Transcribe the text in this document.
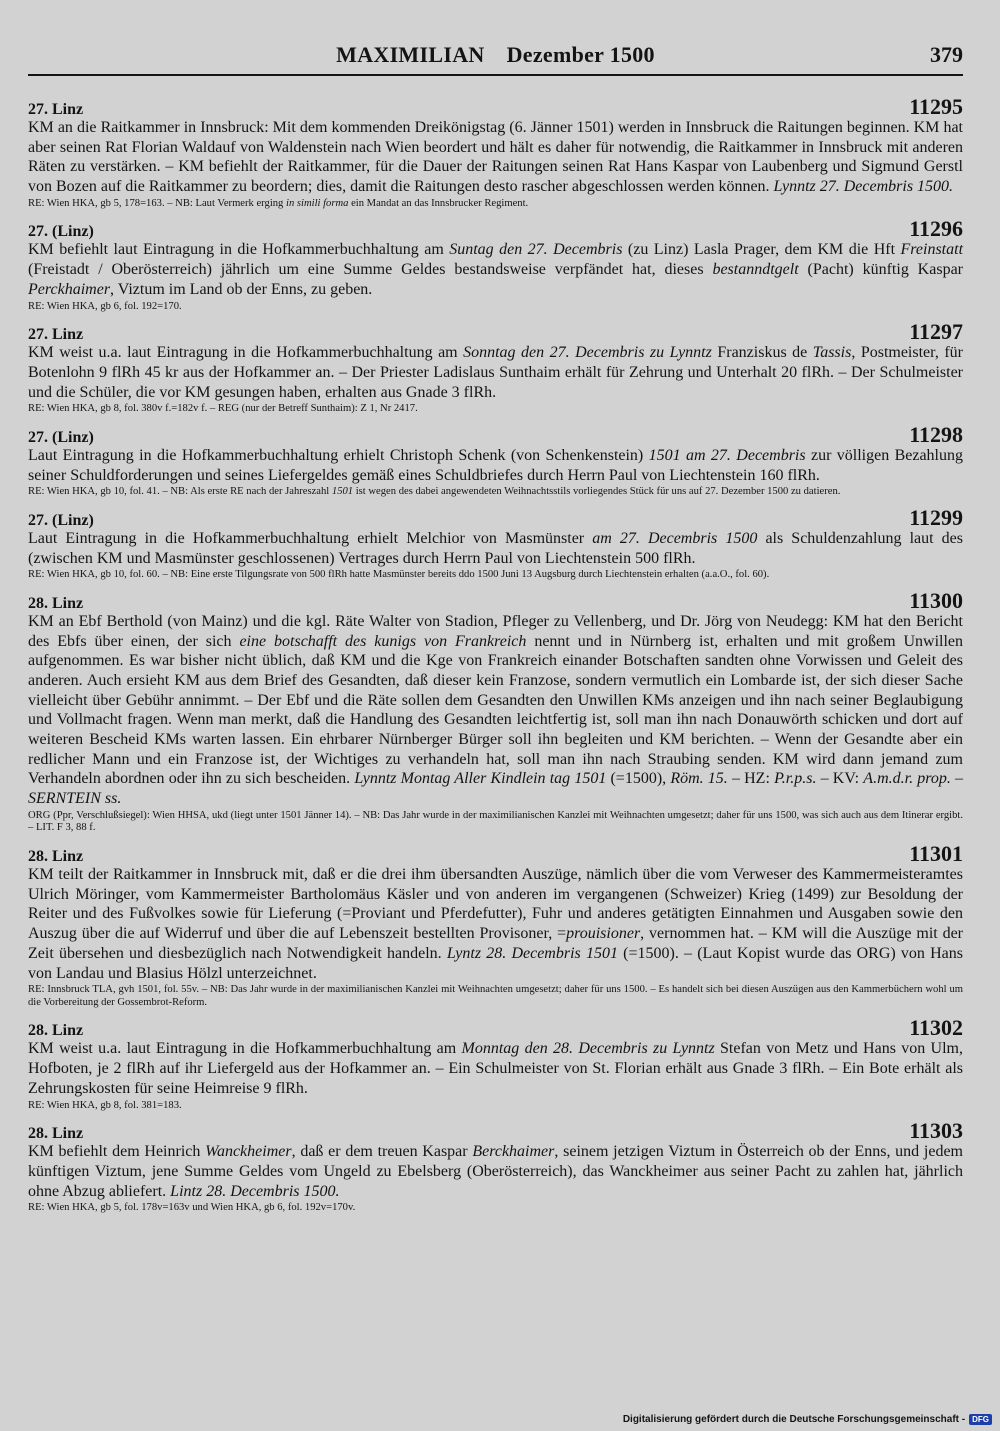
MAXIMILIAN Dezember 1500	379
27. Linz	11295
KM an die Raitkammer in Innsbruck: Mit dem kommenden Dreikönigstag (6. Jänner 1501) werden in Innsbruck die Raitungen beginnen. KM hat aber seinen Rat Florian Waldauf von Waldenstein nach Wien beordert und hält es daher für notwendig, die Raitkammer in Innsbruck mit anderen Räten zu verstärken. – KM befiehlt der Raitkammer, für die Dauer der Raitungen seinen Rat Hans Kaspar von Laubenberg und Sigmund Gerstl von Bozen auf die Raitkammer zu beordern; dies, damit die Raitungen desto rascher abgeschlossen werden können. Lynntz 27. Decembris 1500.
RE: Wien HKA, gb 5, 178=163. – NB: Laut Vermerk erging in simili forma ein Mandat an das Innsbrucker Regiment.
27. (Linz)	11296
KM befiehlt laut Eintragung in die Hofkammerbuchhaltung am Suntag den 27. Decembris (zu Linz) Lasla Prager, dem KM die Hft Freinstatt (Freistadt / Oberösterreich) jährlich um eine Summe Geldes bestandsweise verpfändet hat, dieses bestanndtgelt (Pacht) künftig Kaspar Perckhaimer, Viztum im Land ob der Enns, zu geben.
RE: Wien HKA, gb 6, fol. 192=170.
27. Linz	11297
KM weist u.a. laut Eintragung in die Hofkammerbuchhaltung am Sonntag den 27. Decembris zu Lynntz Franziskus de Tassis, Postmeister, für Botenlohn 9 flRh 45 kr aus der Hofkammer an. – Der Priester Ladislaus Sunthaim erhält für Zehrung und Unterhalt 20 flRh. – Der Schulmeister und die Schüler, die vor KM gesungen haben, erhalten aus Gnade 3 flRh.
RE: Wien HKA, gb 8, fol. 380v f.=182v f. – REG (nur der Betreff Sunthaim): Z 1, Nr 2417.
27. (Linz)	11298
Laut Eintragung in die Hofkammerbuchhaltung erhielt Christoph Schenk (von Schenkenstein) 1501 am 27. Decembris zur völligen Bezahlung seiner Schuldforderungen und seines Liefergeldes gemäß eines Schuldbriefes durch Herrn Paul von Liechtenstein 160 flRh.
RE: Wien HKA, gb 10, fol. 41. – NB: Als erste RE nach der Jahreszahl 1501 ist wegen des dabei angewendeten Weihnachtsstils vorliegendes Stück für uns auf 27. Dezember 1500 zu datieren.
27. (Linz)	11299
Laut Eintragung in die Hofkammerbuchhaltung erhielt Melchior von Masmünster am 27. Decembris 1500 als Schuldenzahlung laut des (zwischen KM und Masmünster geschlossenen) Vertrages durch Herrn Paul von Liechtenstein 500 flRh.
RE: Wien HKA, gb 10, fol. 60. – NB: Eine erste Tilgungsrate von 500 flRh hatte Masmünster bereits ddo 1500 Juni 13 Augsburg durch Liechtenstein erhalten (a.a.O., fol. 60).
28. Linz	11300
KM an Ebf Berthold (von Mainz) und die kgl. Räte Walter von Stadion, Pfleger zu Vellenberg, und Dr. Jörg von Neudegg: KM hat den Bericht des Ebfs über einen, der sich eine botschafft des kunigs von Frankreich nennt und in Nürnberg ist, erhalten und mit großem Unwillen aufgenommen. Es war bisher nicht üblich, daß KM und die Kge von Frankreich einander Botschaften sandten ohne Vorwissen und Geleit des anderen. Auch ersieht KM aus dem Brief des Gesandten, daß dieser kein Franzose, sondern vermutlich ein Lombarde ist, der sich dieser Sache vielleicht über Gebühr annimmt. – Der Ebf und die Räte sollen dem Gesandten den Unwillen KMs anzeigen und ihn nach seiner Beglaubigung und Vollmacht fragen. Wenn man merkt, daß die Handlung des Gesandten leichtfertig ist, soll man ihn nach Donauwörth schicken und dort auf weiteren Bescheid KMs warten lassen. Ein ehrbarer Nürnberger Bürger soll ihn begleiten und KM berichten. – Wenn der Gesandte aber ein redlicher Mann und ein Franzose ist, der Wichtiges zu verhandeln hat, soll man ihn nach Straubing senden. KM wird dann jemand zum Verhandeln abordnen oder ihn zu sich bescheiden. Lynntz Montag Aller Kindlein tag 1501 (=1500), Röm. 15. – HZ: P.r.p.s. – KV: A.m.d.r. prop. – SERNTEIN ss.
ORG (Ppr, Verschlußsiegel): Wien HHSA, ukd (liegt unter 1501 Jänner 14). – NB: Das Jahr wurde in der maximilianischen Kanzlei mit Weihnachten umgesetzt; daher für uns 1500, was sich auch aus dem Itinerar ergibt. – LIT. F 3, 88 f.
28. Linz	11301
KM teilt der Raitkammer in Innsbruck mit, daß er die drei ihm übersandten Auszüge, nämlich über die vom Verweser des Kammermeisteramtes Ulrich Möringer, vom Kammermeister Bartholomäus Käsler und von anderen im vergangenen (Schweizer) Krieg (1499) zur Besoldung der Reiter und des Fußvolkes sowie für Lieferung (=Proviant und Pferdefutter), Fuhr und anderes getätigten Einnahmen und Ausgaben sowie den Auszug über die auf Widerruf und über die auf Lebenszeit bestellten Provisoner, =prouisioner, vernommen hat. – KM will die Auszüge mit der Zeit übersehen und diesbezüglich nach Notwendigkeit handeln. Lyntz 28. Decembris 1501 (=1500). – (Laut Kopist wurde das ORG) von Hans von Landau und Blasius Hölzl unterzeichnet.
RE: Innsbruck TLA, gvh 1501, fol. 55v. – NB: Das Jahr wurde in der maximilianischen Kanzlei mit Weihnachten umgesetzt; daher für uns 1500. – Es handelt sich bei diesen Auszügen aus den Kammerbüchern wohl um die Vorbereitung der Gossembrot-Reform.
28. Linz	11302
KM weist u.a. laut Eintragung in die Hofkammerbuchhaltung am Monntag den 28. Decembris zu Lynntz Stefan von Metz und Hans von Ulm, Hofboten, je 2 flRh auf ihr Liefergeld aus der Hofkammer an. – Ein Schulmeister von St. Florian erhält aus Gnade 3 flRh. – Ein Bote erhält als Zehrungskosten für seine Heimreise 9 flRh.
RE: Wien HKA, gb 8, fol. 381=183.
28. Linz	11303
KM befiehlt dem Heinrich Wanckheimer, daß er dem treuen Kaspar Berckhaimer, seinem jetzigen Viztum in Österreich ob der Enns, und jedem künftigen Viztum, jene Summe Geldes vom Ungeld zu Ebelsberg (Oberösterreich), das Wanckheimer aus seiner Pacht zu zahlen hat, jährlich ohne Abzug abliefert. Lintz 28. Decembris 1500.
RE: Wien HKA, gb 5, fol. 178v=163v und Wien HKA, gb 6, fol. 192v=170v.
Digitalisierung gefördert durch die Deutsche Forschungsgemeinschaft - DFG
